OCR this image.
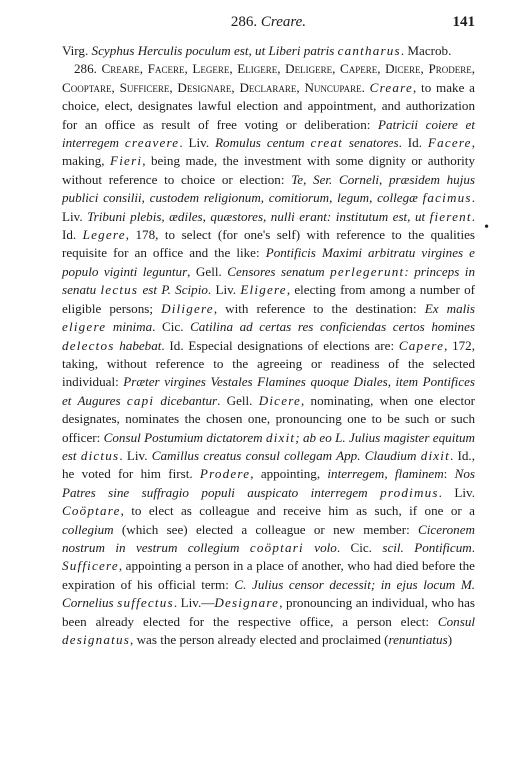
286. Creare.	141

Virg. Scyphus Herculis poculum est, ut Liberi patris cantharus. Macrob.

286. Creare, Facere, Legere, Eligere, Deligere, Capere, Dicere, Prodere, Cooptare, Sufficere, Designare, Declarare, Nuncupare. Creare, to make a choice, elect, designates lawful election and appointment, and authorization for an office as result of free voting or deliberation: Patricii coiere et interregem creavere. Liv. Romulus centum creat senatores. Id. Facere, making, Fieri, being made, the investment with some dignity or authority without reference to choice or election: Te, Ser. Corneli, præsidem hujus publici consilii, custodem religionum, comitiorum, legum, collegæ facimus. Liv. Tribuni plebis, ædiles, quæstores, nulli erant: institutum est, ut fierent. Id. Legere, 178, to select (for one's self) with reference to the qualities requisite for an office and the like: Pontificis Maximi arbitratu virgines e populo viginti leguntur, Gell. Censores senatum perlegerunt: princeps in senatu lectus est P. Scipio. Liv. Eligere, electing from among a number of eligible persons; Diligere, with reference to the destination: Ex malis eligere minima. Cic. Catilina ad certas res conficiendas certos homines delectos habebat. Id. Especial designations of elections are: Capere, 172, taking, without reference to the agreeing or readiness of the selected individual: Præter virgines Vestales Flamines quoque Diales, item Pontifices et Augures capi dicebantur. Gell. Dicere, nominating, when one elector designates, nominates the chosen one, pronouncing one to be such or such officer: Consul Postumium dictatorem dixit; ab eo L. Julius magister equitum est dictus. Liv. Camillus creatus consul collegam App. Claudium dixit. Id., he voted for him first. Prodere, appointing, interregem, flaminem: Nos Patres sine suffragio populi auspicato interregem prodimus. Liv. Coöptare, to elect as colleague and receive him as such, if one or a collegium (which see) elected a colleague or new member: Ciceronem nostrum in vestrum collegium coöptari volo. Cic. scil. Pontificum. Sufficere, appointing a person in a place of another, who had died before the expiration of his official term: C. Julius censor decessit; in ejus locum M. Cornelius suffectus. Liv.—Designare, pronouncing an individual, who has been already elected for the respective office, a person elect: Consul designatus, was the person already elected and proclaimed (renuntiatus)

•
